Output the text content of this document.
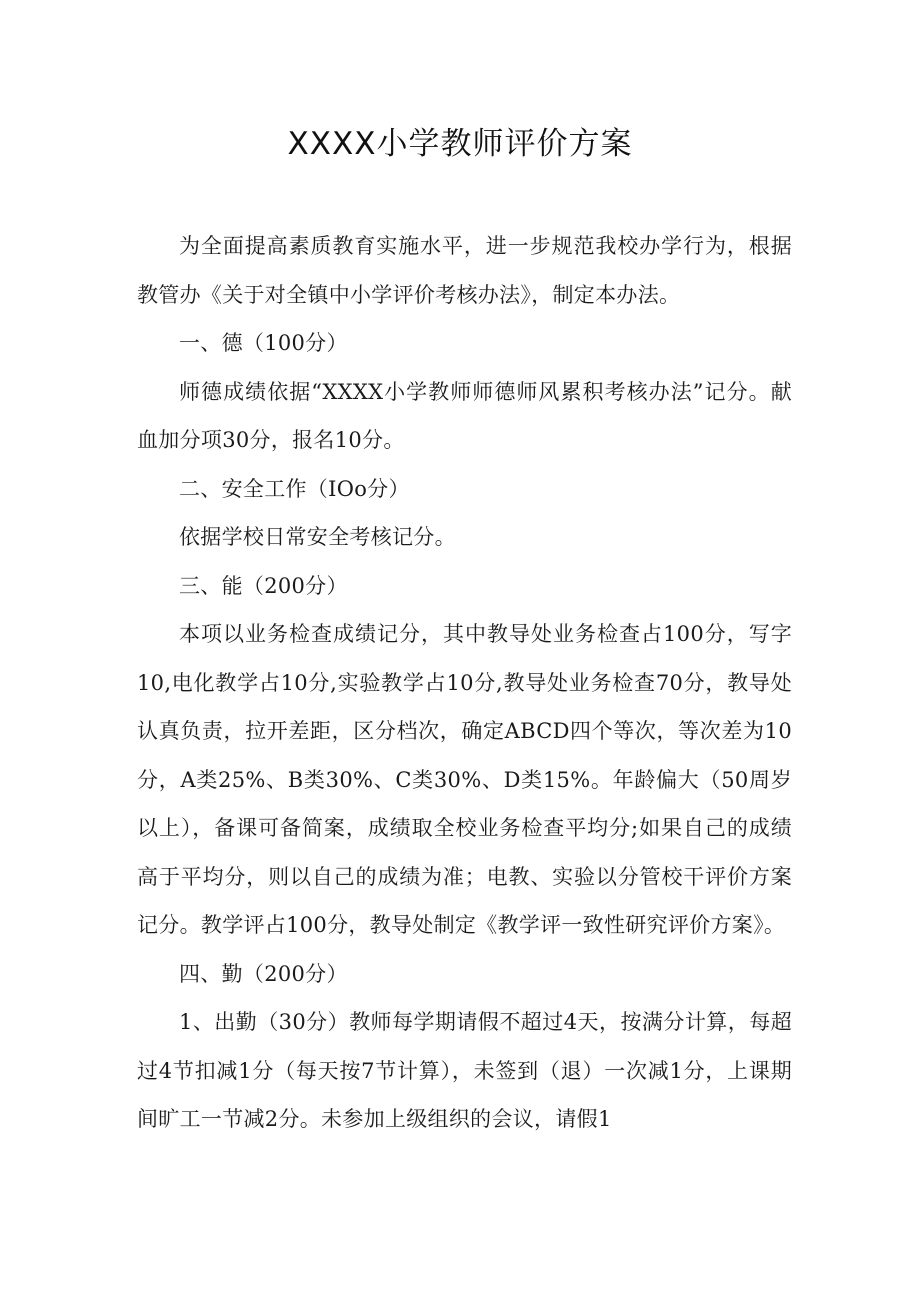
XXXX小学教师评价方案

为全面提高素质教育实施水平，进一步规范我校办学行为，根据教管办《关于对全镇中小学评价考核办法》，制定本办法。

一、德（100分）

师德成绩依据“XXXX小学教师师德师风累积考核办法”记分。献血加分项30分，报名10分。

二、安全工作（IOo分）

依据学校日常安全考核记分。

三、能（200分）

本项以业务检查成绩记分，其中教导处业务检查占100分，写字10,电化教学占10分,实验教学占10分,教导处业务检查70分，教导处认真负责，拉开差距，区分档次，确定ABCD四个等次，等次差为10分，A类25%、B类30%、C类30%、D类15%。年龄偏大（50周岁以上），备课可备简案，成绩取全校业务检查平均分;如果自己的成绩高于平均分，则以自己的成绩为准；电教、实验以分管校干评价方案记分。教学评占100分，教导处制定《教学评一致性研究评价方案》。

四、勤（200分）

1、出勤（30分）教师每学期请假不超过4天，按满分计算，每超过4节扣减1分（每天按7节计算），未签到（退）一次减1分，上课期间旷工一节减2分。未参加上级组织的会议，请假1
